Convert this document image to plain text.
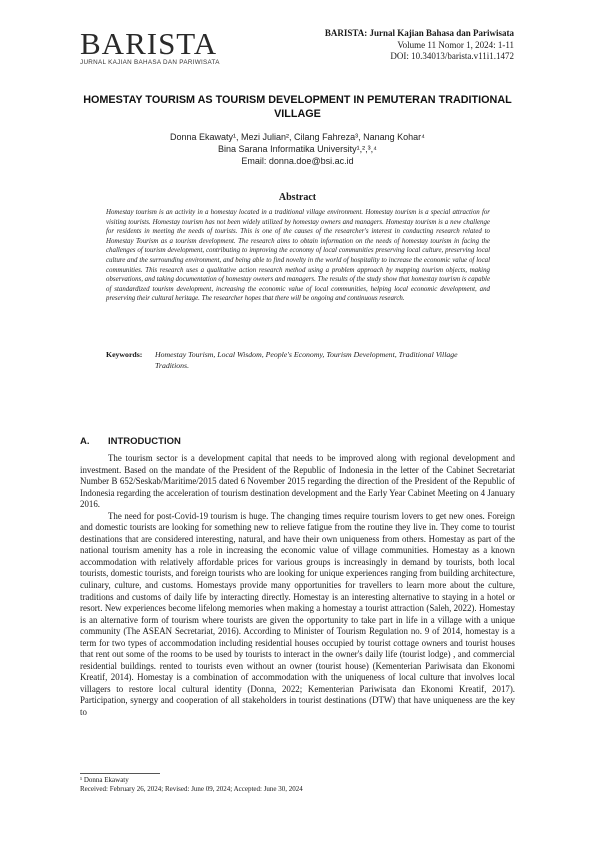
BARISTA
JURNAL KAJIAN BAHASA DAN PARIWISATA
BARISTA: Jurnal Kajian Bahasa dan Pariwisata
Volume 11 Nomor 1, 2024: 1-11
DOI: 10.34013/barista.v11i1.1472
HOMESTAY TOURISM AS TOURISM DEVELOPMENT IN PEMUTERAN TRADITIONAL VILLAGE
Donna Ekawaty¹, Mezi Julian², Cilang Fahreza³, Nanang Kohar⁴
Bina Sarana Informatika University¹,²,³,⁴
Email: donna.doe@bsi.ac.id
Abstract
Homestay tourism is an activity in a homestay located in a traditional village environment. Homestay tourism is a special attraction for visiting tourists. Homestay tourism has not been widely utilized by homestay owners and managers. Homestay tourism is a new challenge for residents in meeting the needs of tourists. This is one of the causes of the researcher's interest in conducting research related to Homestay Tourism as a tourism development. The research aims to obtain information on the needs of homestay tourism in facing the challenges of tourism development, contributing to improving the economy of local communities preserving local culture, preserving local culture and the surrounding environment, and being able to find novelty in the world of hospitality to increase the economic value of local communities. This research uses a qualitative action research method using a problem approach by mapping tourism objects, making observations, and taking documentation of homestay owners and managers. The results of the study show that homestay tourism is capable of standardized tourism development, increasing the economic value of local communities, helping local economic development, and preserving their cultural heritage. The researcher hopes that there will be ongoing and continuous research.
Keywords: Homestay Tourism, Local Wisdom, People's Economy, Tourism Development, Traditional Village Traditions.
A. INTRODUCTION

The tourism sector is a development capital that needs to be improved along with regional development and investment. Based on the mandate of the President of the Republic of Indonesia in the letter of the Cabinet Secretariat Number B 652/Seskab/Maritime/2015 dated 6 November 2015 regarding the direction of the President of the Republic of Indonesia regarding the acceleration of tourism destination development and the Early Year Cabinet Meeting on 4 January 2016.

The need for post-Covid-19 tourism is huge. The changing times require tourism lovers to get new ones. Foreign and domestic tourists are looking for something new to relieve fatigue from the routine they live in. They come to tourist destinations that are considered interesting, natural, and have their own uniqueness from others. Homestay as part of the national tourism amenity has a role in increasing the economic value of village communities. Homestay as a known accommodation with relatively affordable prices for various groups is increasingly in demand by tourists, both local tourists, domestic tourists, and foreign tourists who are looking for unique experiences ranging from building architecture, culinary, culture, and customs. Homestays provide many opportunities for travellers to learn more about the culture, traditions and customs of daily life by interacting directly. Homestay is an interesting alternative to staying in a hotel or resort. New experiences become lifelong memories when making a homestay a tourist attraction (Saleh, 2022). Homestay is an alternative form of tourism where tourists are given the opportunity to take part in life in a village with a unique community (The ASEAN Secretariat, 2016). According to Minister of Tourism Regulation no. 9 of 2014, homestay is a term for two types of accommodation including residential houses occupied by tourist cottage owners and tourist houses that rent out some of the rooms to be used by tourists to interact in the owner's daily life (tourist lodge) , and commercial residential buildings. rented to tourists even without an owner (tourist house) (Kementerian Pariwisata dan Ekonomi Kreatif, 2014). Homestay is a combination of accommodation with the uniqueness of local culture that involves local villagers to restore local cultural identity (Donna, 2022; Kementerian Pariwisata dan Ekonomi Kreatif, 2017). Participation, synergy and cooperation of all stakeholders in tourist destinations (DTW) that have uniqueness are the key to

¹ Donna Ekawaty
Received: February 26, 2024; Revised: June 09, 2024; Accepted: June 30, 2024
